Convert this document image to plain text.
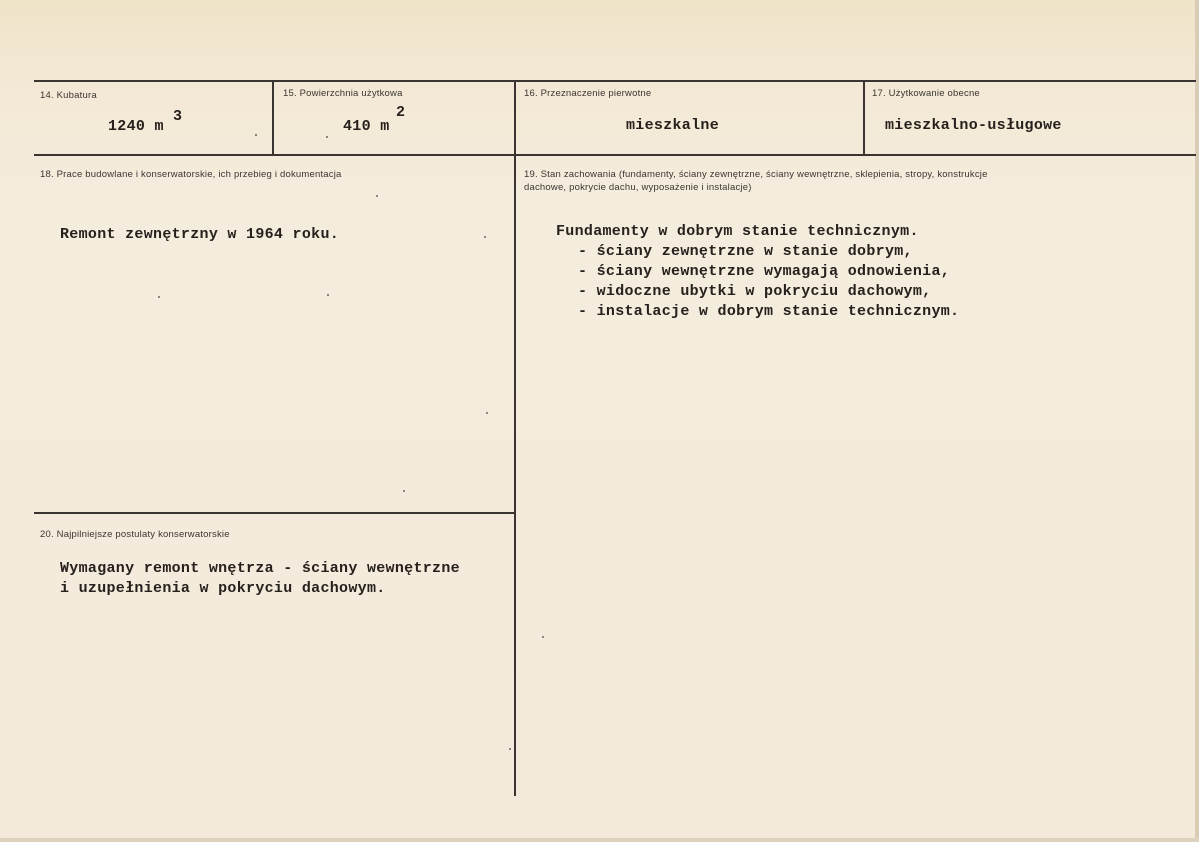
14. Kubatura
1240 m
3
15. Powierzchnia użytkowa
410 m
2
16. Przeznaczenie pierwotne
mieszkalne
17. Użytkowanie obecne
mieszkalno-usługowe
18. Prace budowlane i konserwatorskie, ich przebieg i dokumentacja
Remont zewnętrzny w 1964 roku.
19. Stan zachowania (fundamenty, ściany zewnętrzne, ściany wewnętrzne, sklepienia, stropy, konstrukcje dachowe, pokrycie dachu, wyposażenie i instalacje)
Fundamenty w dobrym stanie technicznym.
- ściany zewnętrzne w stanie dobrym,
- ściany wewnętrzne wymagają odnowienia,
- widoczne ubytki w pokryciu dachowym,
- instalacje w dobrym stanie technicznym.
20. Najpilniejsze postulaty konserwatorskie
Wymagany remont wnętrza - ściany wewnętrzne
i uzupełnienia w pokryciu dachowym.
